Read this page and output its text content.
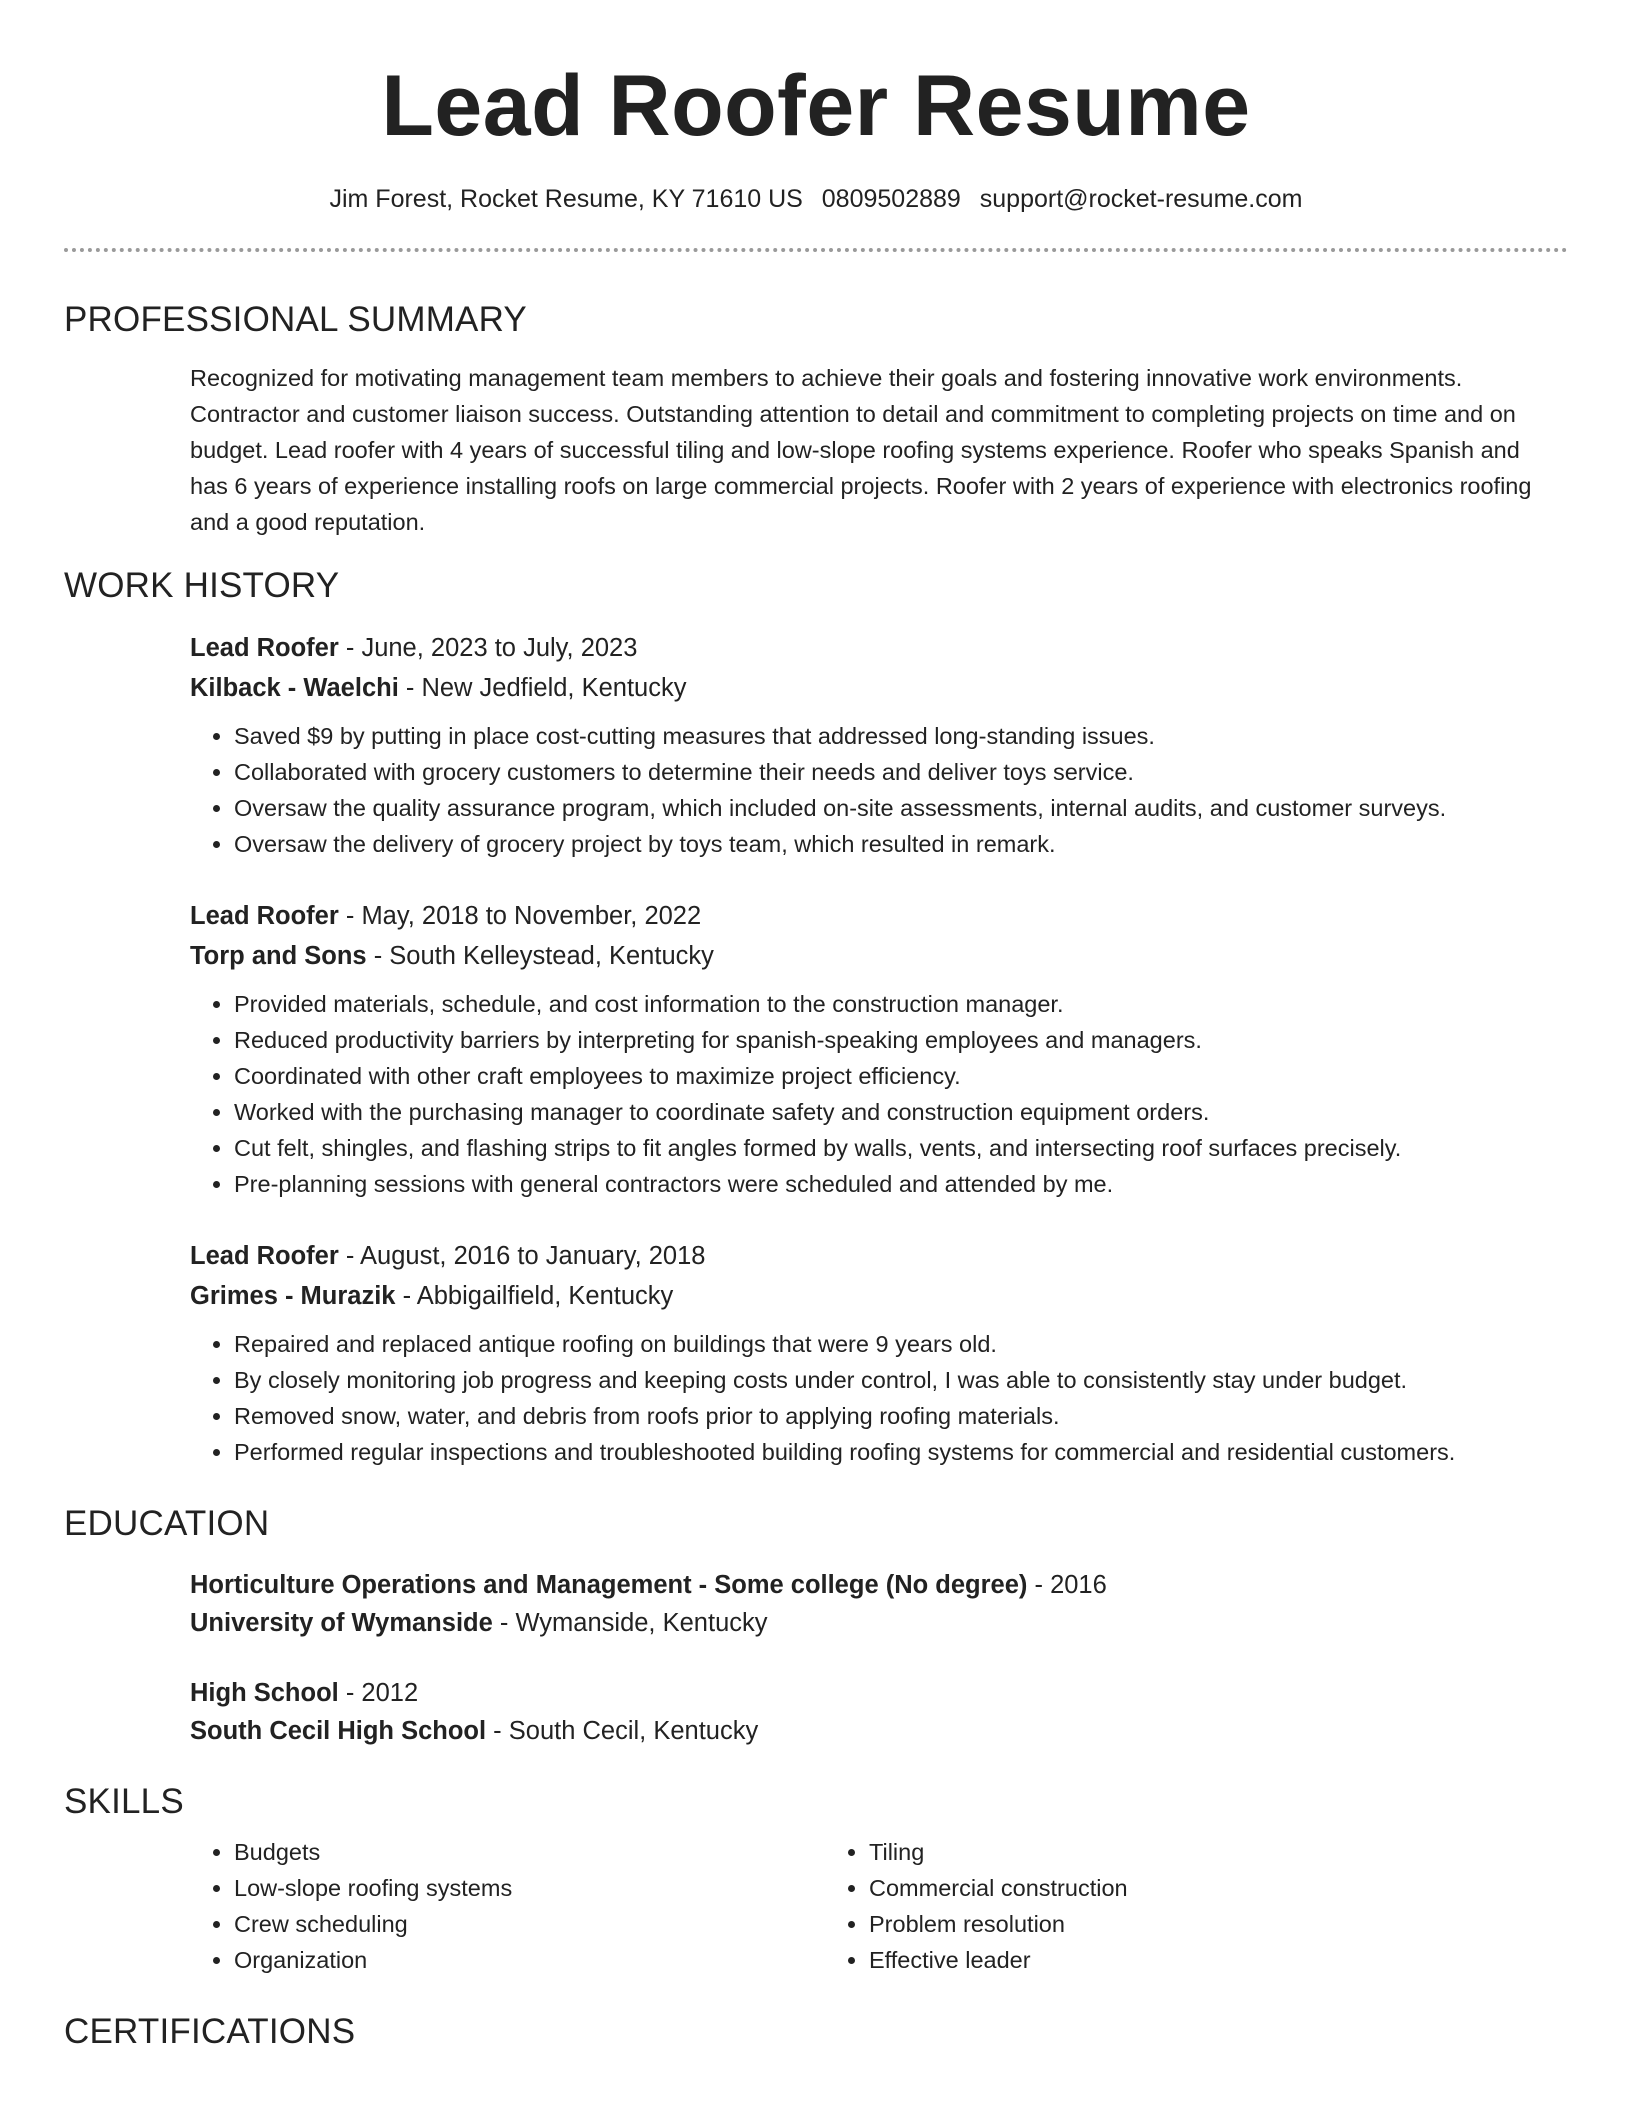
Lead Roofer Resume
Jim Forest, Rocket Resume, KY 71610 US 0809502889 support@rocket-resume.com
PROFESSIONAL SUMMARY

Recognized for motivating management team members to achieve their goals and fostering innovative work environments. Contractor and customer liaison success. Outstanding attention to detail and commitment to completing projects on time and on budget. Lead roofer with 4 years of successful tiling and low-slope roofing systems experience. Roofer who speaks Spanish and has 6 years of experience installing roofs on large commercial projects. Roofer with 2 years of experience with electronics roofing and a good reputation.

WORK HISTORY
Lead Roofer - June, 2023 to July, 2023
Kilback - Waelchi - New Jedfield, Kentucky
• Saved $9 by putting in place cost-cutting measures that addressed long-standing issues.
• Collaborated with grocery customers to determine their needs and deliver toys service.
• Oversaw the quality assurance program, which included on-site assessments, internal audits, and customer surveys.
• Oversaw the delivery of grocery project by toys team, which resulted in remark.
Lead Roofer - May, 2018 to November, 2022
Torp and Sons - South Kelleystead, Kentucky
• Provided materials, schedule, and cost information to the construction manager.
• Reduced productivity barriers by interpreting for spanish-speaking employees and managers.
• Coordinated with other craft employees to maximize project efficiency.
• Worked with the purchasing manager to coordinate safety and construction equipment orders.
• Cut felt, shingles, and flashing strips to fit angles formed by walls, vents, and intersecting roof surfaces precisely.
• Pre-planning sessions with general contractors were scheduled and attended by me.
Lead Roofer - August, 2016 to January, 2018
Grimes - Murazik - Abbigailfield, Kentucky
• Repaired and replaced antique roofing on buildings that were 9 years old.
• By closely monitoring job progress and keeping costs under control, I was able to consistently stay under budget.
• Removed snow, water, and debris from roofs prior to applying roofing materials.
• Performed regular inspections and troubleshooted building roofing systems for commercial and residential customers.
EDUCATION
Horticulture Operations and Management - Some college (No degree) - 2016
University of Wymanside - Wymanside, Kentucky
High School - 2012
South Cecil High School - South Cecil, Kentucky
SKILLS
• Budgets
• Low-slope roofing systems
• Crew scheduling
• Organization
• Tiling
• Commercial construction
• Problem resolution
• Effective leader
CERTIFICATIONS
